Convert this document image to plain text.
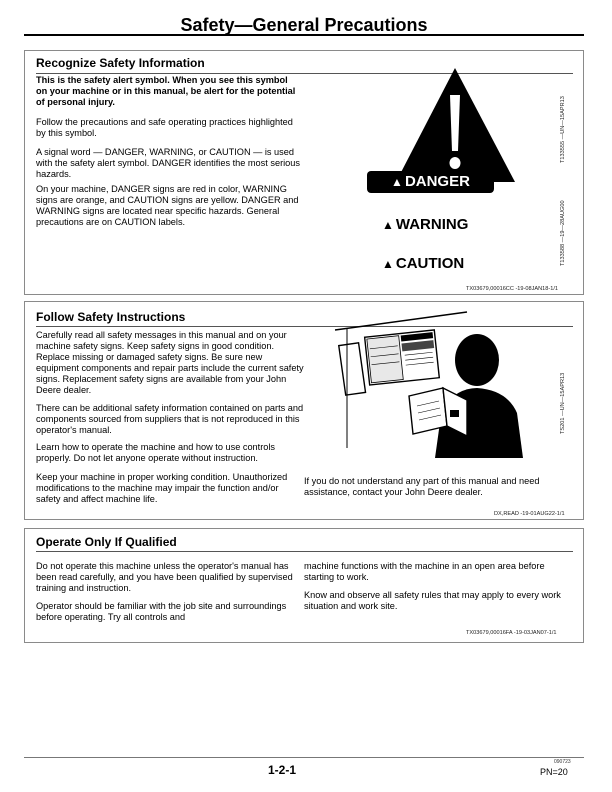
Safety—General Precautions
Recognize Safety Information

This is the safety alert symbol. When you see this symbol on your machine or in this manual, be alert for the potential of personal injury.

Follow the precautions and safe operating practices highlighted by this symbol.

A signal word — DANGER, WARNING, or CAUTION — is used with the safety alert symbol. DANGER identifies the most serious hazards.

On your machine, DANGER signs are red in color, WARNING signs are orange, and CAUTION signs are yellow. DANGER and WARNING signs are located near specific hazards. General precautions are on CAUTION labels.

T133555 —UN—15APR13
▲ DANGER
▲ WARNING
▲ CAUTION	T133588 —19—28AUG00
TX03679,00016CC -19-08JAN18-1/1
Follow Safety Instructions

Carefully read all safety messages in this manual and on your machine safety signs. Keep safety signs in good condition. Replace missing or damaged safety signs. Be sure new equipment components and repair parts include the current safety signs. Replacement safety signs are available from your John Deere dealer.

There can be additional safety information contained on parts and components sourced from suppliers that is not reproduced in this operator's manual.

Learn how to operate the machine and how to use controls properly. Do not let anyone operate without instruction.

Keep your machine in proper working condition. Unauthorized modifications to the machine may impair the function and/or safety and affect machine life.

TS201 —UN—15APR13

If you do not understand any part of this manual and need assistance, contact your John Deere dealer.

DX,READ -19-01AUG22-1/1
Operate Only If Qualified

Do not operate this machine unless the operator's manual has been read carefully, and you have been qualified by supervised training and instruction.

Operator should be familiar with the job site and surroundings before operating. Try all controls and

machine functions with the machine in an open area before starting to work.

Know and observe all safety rules that may apply to every work situation and work site.

TX03679,00016FA -19-03JAN07-1/1
1-2-1
090723
PN=20
